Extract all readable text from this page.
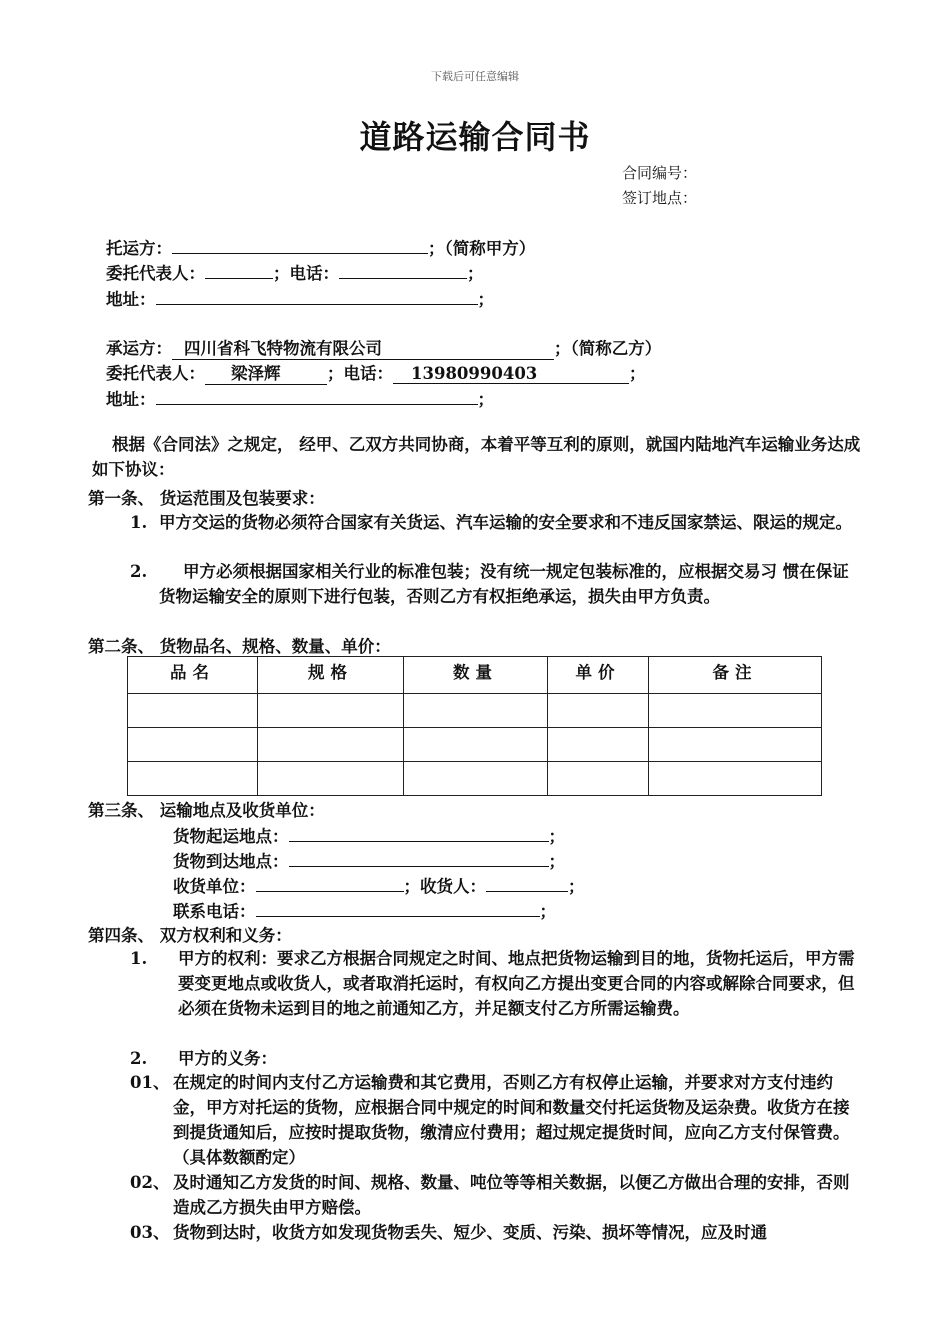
下载后可任意编辑
道路运输合同书
合同编号：
签订地点：
托运方：	；（简称甲方）
委托代表人：	；电话：	；
地址：	；
承运方： 四川省科飞特物流有限公司	；（简称乙方）
委托代表人： 梁泽辉	；电话： 13980990403	；
地址：	；
根据《合同法》之规定， 经甲、乙双方共同协商，本着平等互利的原则，就国内陆地汽车运输业务达成如下协议：
第一条、 货运范围及包装要求：
1. 甲方交运的货物必须符合国家有关货运、汽车运输的安全要求和不违反国家禁运、限运的规定。
2.	甲方必须根据国家相关行业的标准包装；没有统一规定包装标准的，应根据交易习 惯在保证货物运输安全的原则下进行包装，否则乙方有权拒绝承运，损失由甲方负责。
第二条、 货物品名、规格、数量、单价：
品名	规格	数量	单价	备注

第三条、 运输地点及收货单位：
货物起运地点：	；
货物到达地点：	；
收货单位：	；收货人：	；
联系电话：	；
第四条、 双方权利和义务：
1. 甲方的权利：要求乙方根据合同规定之时间、地点把货物运输到目的地，货物托运后，甲方需要变更地点或收货人，或者取消托运时，有权向乙方提出变更合同的内容或解除合同要求，但必须在货物未运到目的地之前通知乙方，并足额支付乙方所需运输费。
2. 甲方的义务：
01、 在规定的时间内支付乙方运输费和其它费用，否则乙方有权停止运输，并要求对方支付违约金，甲方对托运的货物，应根据合同中规定的时间和数量交付托运货物及运杂费。收货方在接到提货通知后，应按时提取货物，缴清应付费用；超过规定提货时间，应向乙方支付保管费。（具体数额酌定）
02、 及时通知乙方发货的时间、规格、数量、吨位等等相关数据，以便乙方做出合理的安排，否则造成乙方损失由甲方赔偿。
03、 货物到达时，收货方如发现货物丢失、短少、变质、污染、损坏等情况，应及时通
